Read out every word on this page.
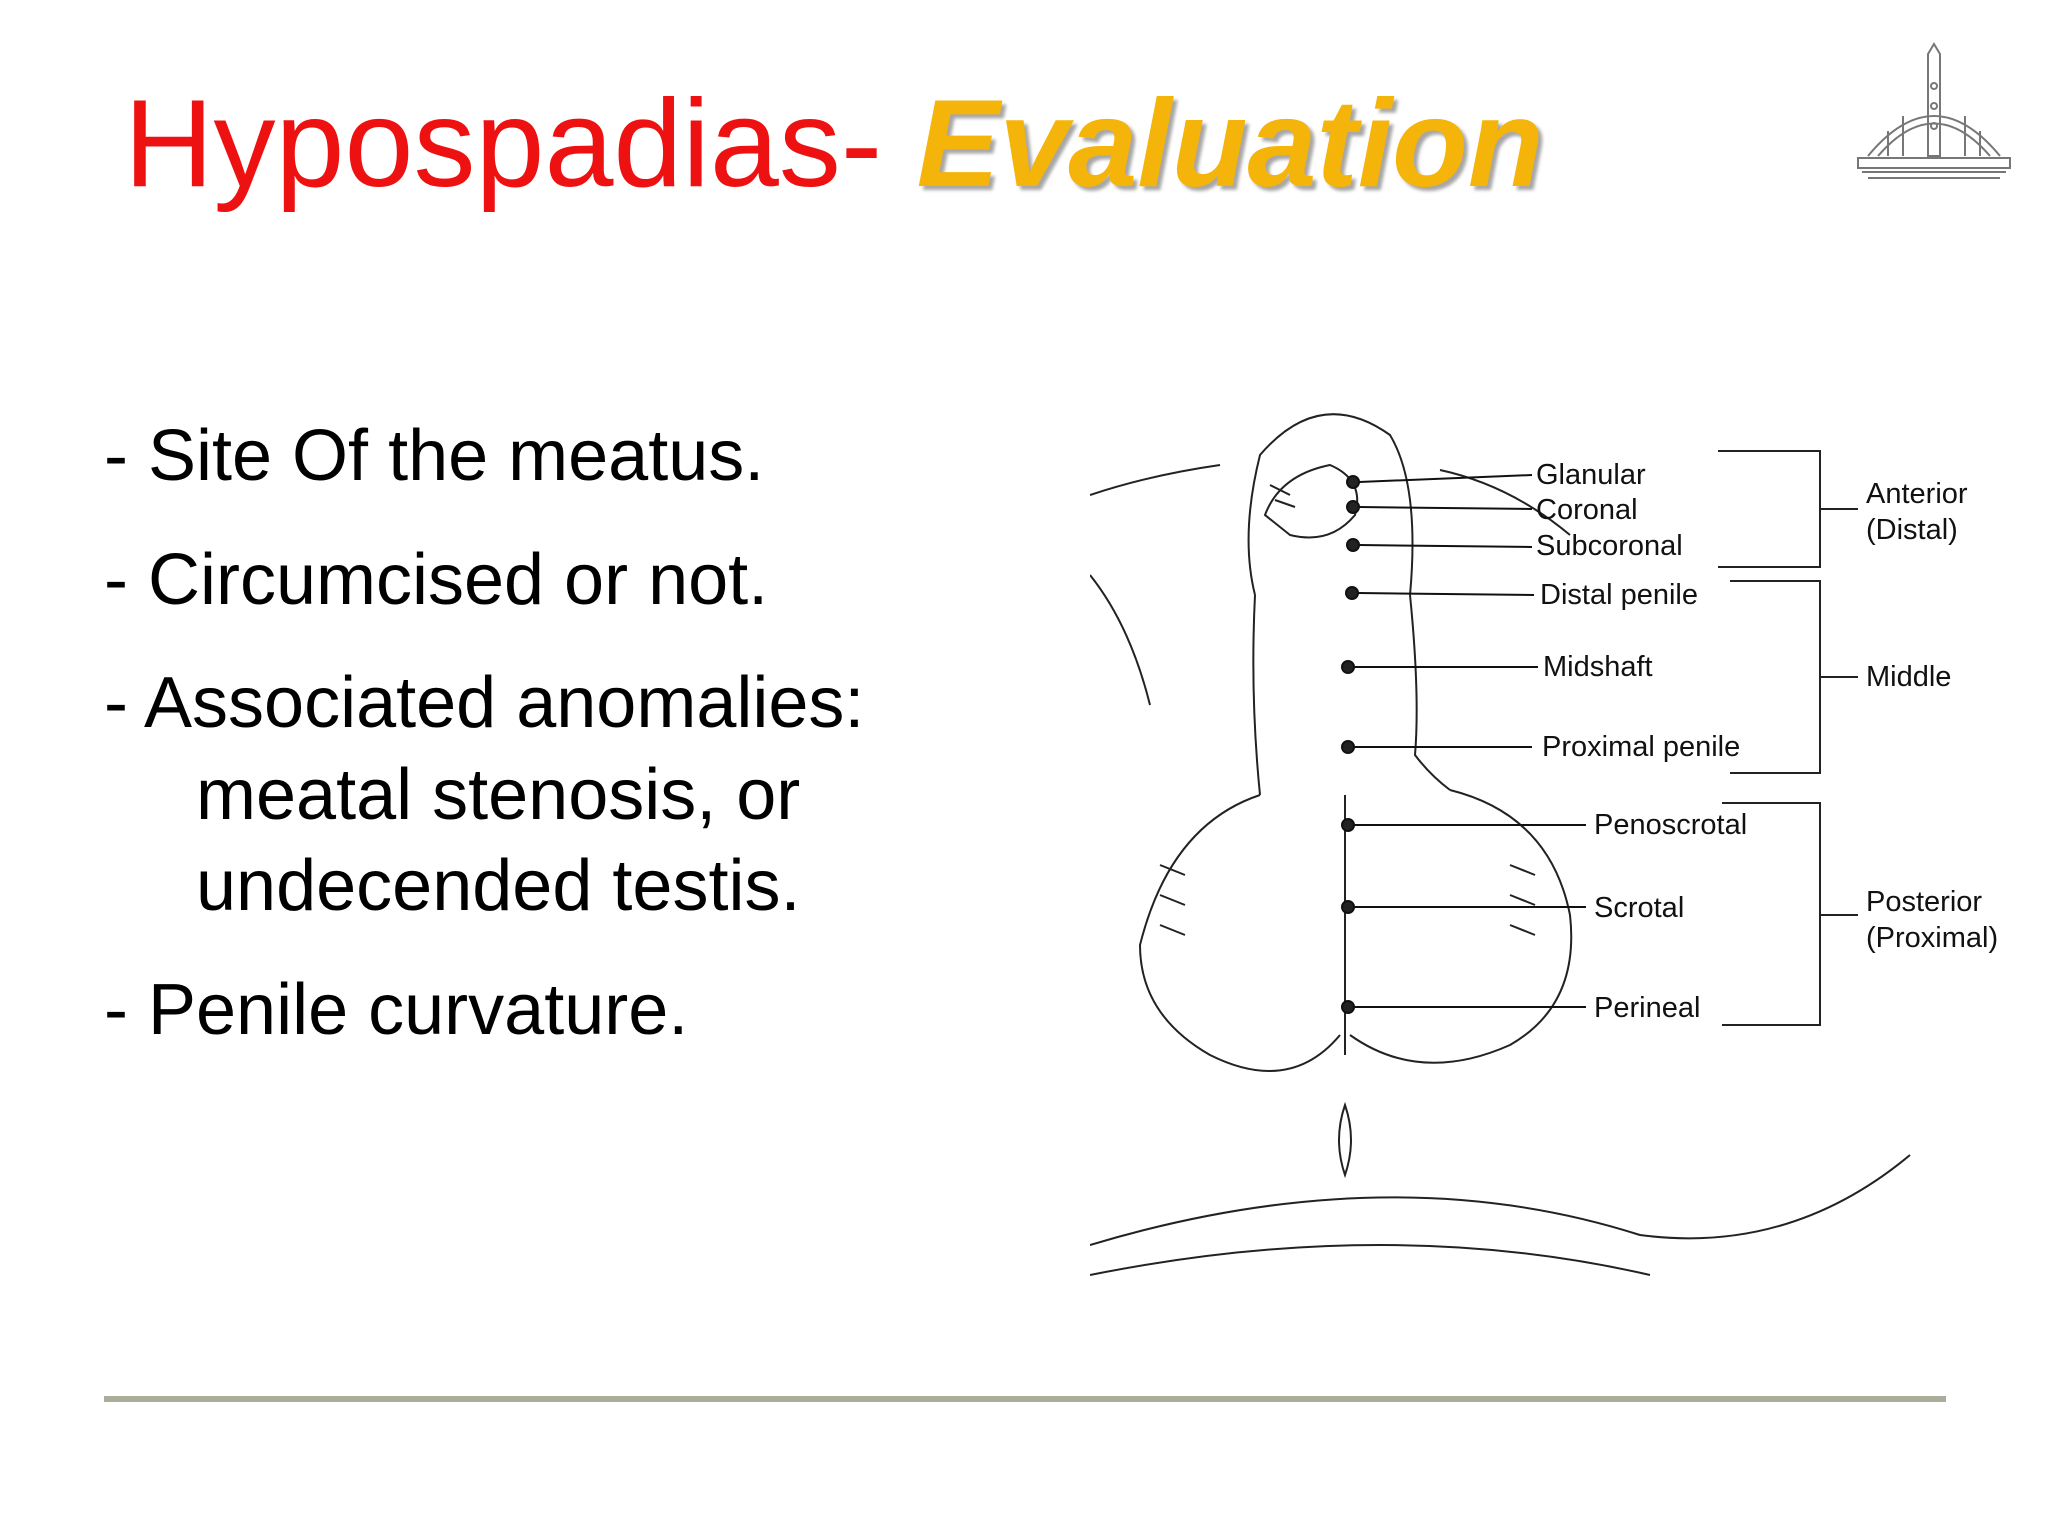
Hypospadias- Evaluation
- Site Of the meatus.
- Circumcised or not.
- Associated anomalies:
meatal stenosis, or
undecended testis.
- Penile curvature.
Glanular
Coronal
Subcoronal
Distal penile
Midshaft
Proximal penile
Penoscrotal
Scrotal
Perineal
Anterior
(Distal)
Middle
Posterior
(Proximal)
